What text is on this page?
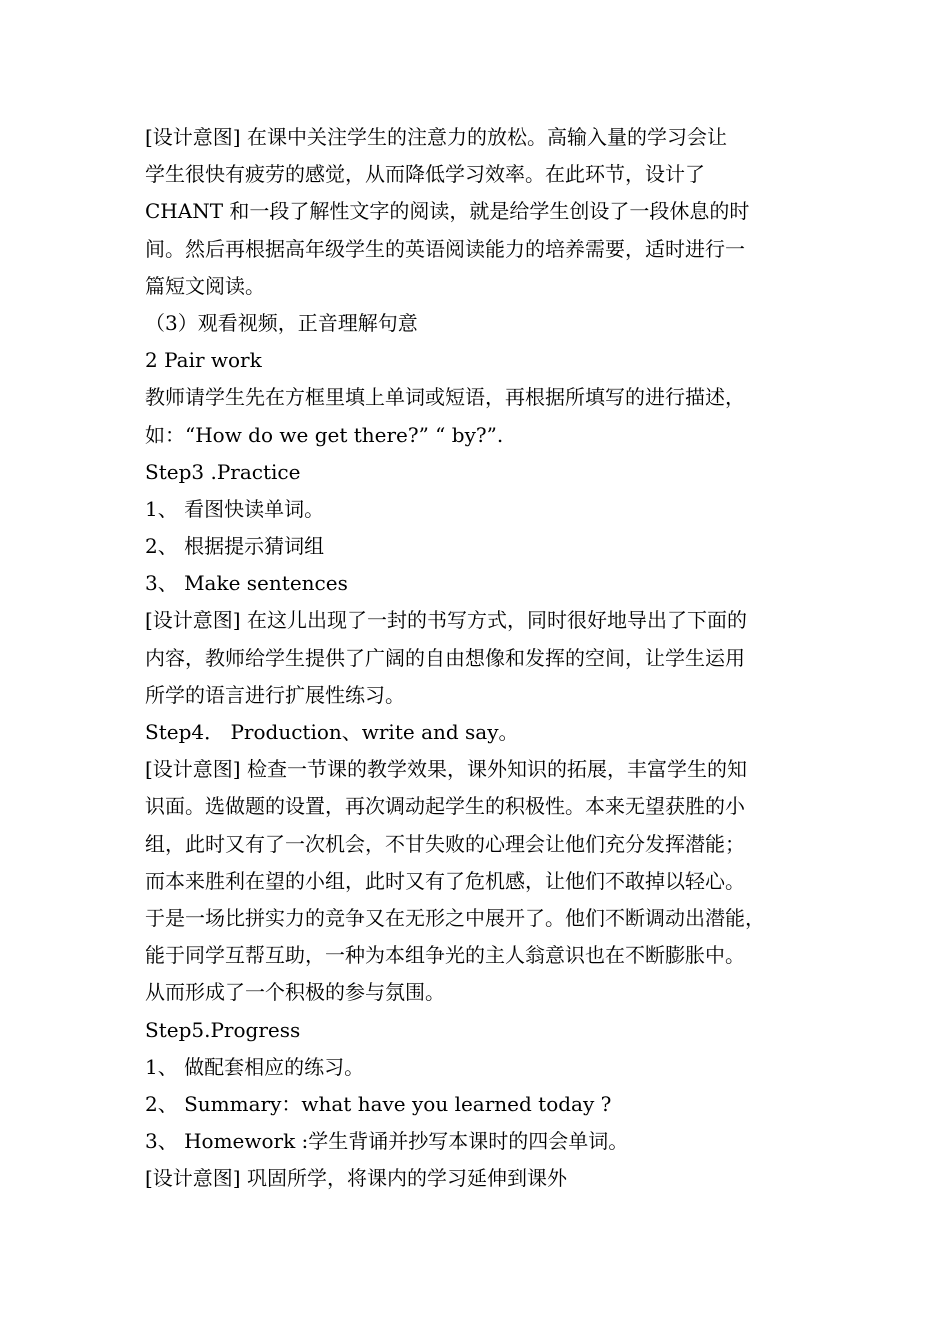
[设计意图] 在课中关注学生的注意力的放松。高输入量的学习会让
学生很快有疲劳的感觉，从而降低学习效率。在此环节，设计了
CHANT 和一段了解性文字的阅读，就是给学生创设了一段休息的时
间。然后再根据高年级学生的英语阅读能力的培养需要，适时进行一
篇短文阅读。
（3）观看视频，正音理解句意
2 Pair work
教师请学生先在方框里填上单词或短语，再根据所填写的进行描述，
如：“How do we get there?” “ by?”.
Step3 .Practice
1、 看图快读单词。
2、 根据提示猜词组
3、 Make sentences
[设计意图] 在这儿出现了一封的书写方式，同时很好地导出了下面的
内容，教师给学生提供了广阔的自由想像和发挥的空间，让学生运用
所学的语言进行扩展性练习。
Step4． Production、write and say。
[设计意图] 检查一节课的教学效果，课外知识的拓展，丰富学生的知
识面。选做题的设置，再次调动起学生的积极性。本来无望获胜的小
组，此时又有了一次机会，不甘失败的心理会让他们充分发挥潜能；
而本来胜利在望的小组，此时又有了危机感，让他们不敢掉以轻心。
于是一场比拼实力的竞争又在无形之中展开了。他们不断调动出潜能，
能于同学互帮互助，一种为本组争光的主人翁意识也在不断膨胀中。
从而形成了一个积极的参与氛围。
Step5.Progress
1、 做配套相应的练习。
2、 Summary：what have you learned today ?
3、 Homework :学生背诵并抄写本课时的四会单词。
[设计意图] 巩固所学，将课内的学习延伸到课外
